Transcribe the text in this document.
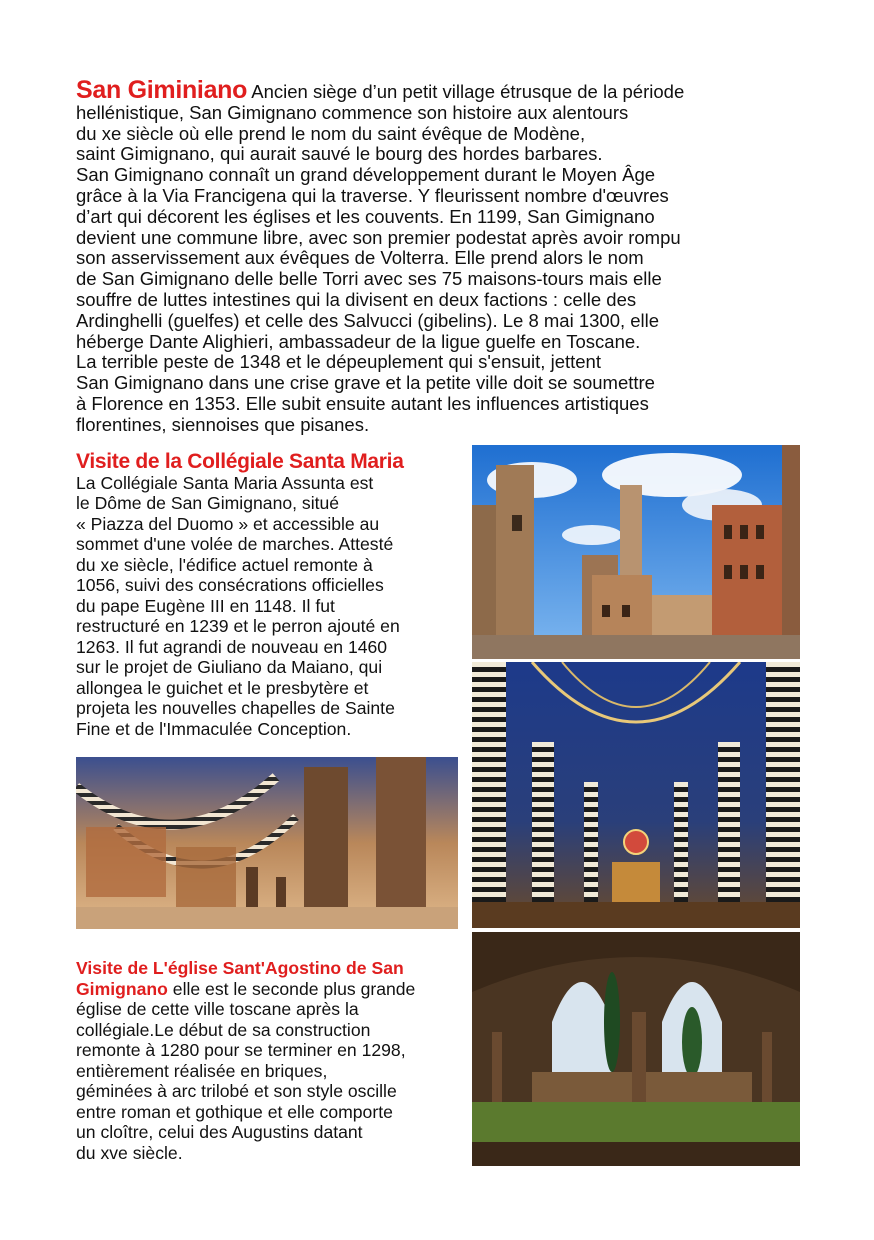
San Giminiano Ancien siège d’un petit village étrusque de la période
hellénistique, San Gimignano commence son histoire aux alentours
du xe siècle où elle prend le nom du saint évêque de Modène,
saint Gimignano, qui aurait sauvé le bourg des hordes barbares.
San Gimignano connaît un grand développement durant le Moyen Âge
grâce à la Via Francigena qui la traverse. Y fleurissent nombre d'œuvres
d’art qui décorent les églises et les couvents. En 1199, San Gimignano
devient une commune libre, avec son premier podestat après avoir rompu
son asservissement aux évêques de Volterra. Elle prend alors le nom
de San Gimignano delle belle Torri avec ses 75 maisons-tours mais elle
souffre de luttes intestines qui la divisent en deux factions : celle des
Ardinghelli (guelfes) et celle des Salvucci (gibelins). Le 8 mai 1300, elle
héberge Dante Alighieri, ambassadeur de la ligue guelfe en Toscane.
La terrible peste de 1348 et le dépeuplement qui s'ensuit, jettent
San Gimignano dans une crise grave et la petite ville doit se soumettre
à Florence en 1353. Elle subit ensuite autant les influences artistiques
florentines, siennoises que pisanes.
Visite de la Collégiale Santa Maria
La Collégiale Santa Maria Assunta est
le Dôme de San Gimignano, situé
« Piazza del Duomo » et accessible au
sommet d'une volée de marches. Attesté
du xe siècle, l'édifice actuel remonte à
1056, suivi des consécrations officielles
du pape Eugène III en 1148. Il fut
restructuré en 1239 et le perron ajouté en
1263. Il fut agrandi de nouveau en 1460
sur le projet de Giuliano da Maiano, qui
allongea le guichet et le presbytère et
projeta les nouvelles chapelles de Sainte
Fine et de l'Immaculée Conception.
Visite de L'église Sant'Agostino de San
Gimignano elle est le seconde plus grande
église de cette ville toscane après la
collégiale.Le début de sa construction
remonte à 1280 pour se terminer en 1298,
entièrement réalisée en briques,
géminées à arc trilobé et son style oscille
entre roman et gothique et elle comporte
un cloître, celui des Augustins datant
du xve siècle.
